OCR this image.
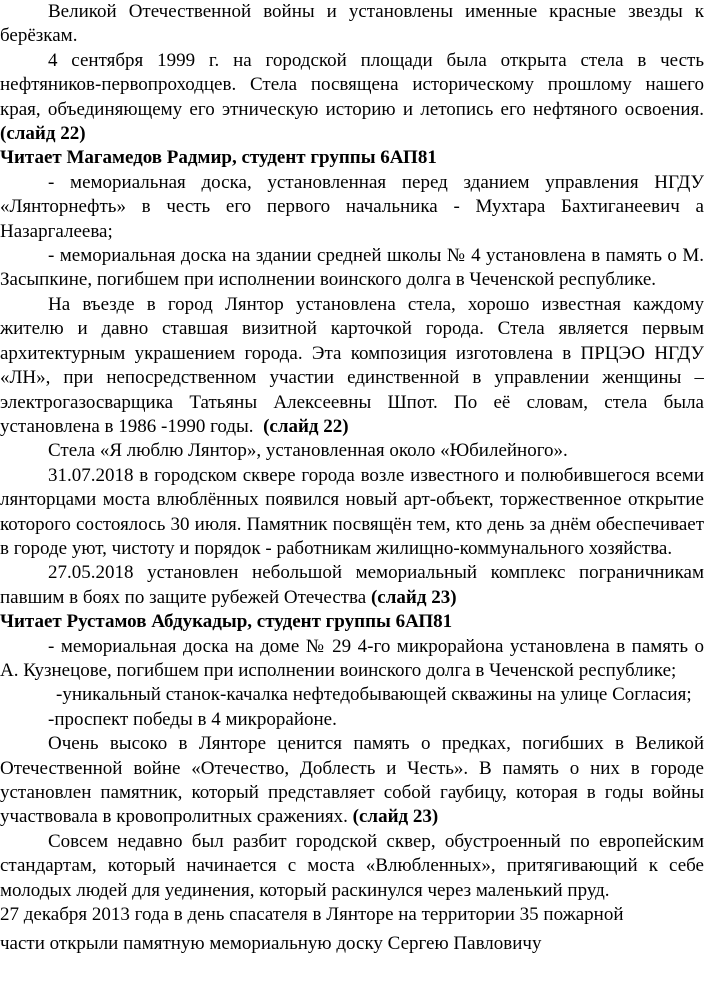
Великой Отечественной войны и установлены именные красные звезды к берёзкам.

4 сентября 1999 г. на городской площади была открыта стела в честь нефтяников-первопроходцев. Стела посвящена историческому прошлому нашего края, объединяющему его этническую историю и летопись его нефтяного освоения. (слайд 22)

Читает Магамедов Радмир, студент группы 6АП81

- мемориальная доска, установленная перед зданием управления НГДУ «Лянторнефть» в честь его первого начальника - Мухтара Бахтиганеевич а Назаргалеева;

- мемориальная доска на здании средней школы № 4 установлена в память о М. Засыпкине, погибшем при исполнении воинского долга в Чеченской республике.

На въезде в город Лянтор установлена стела, хорошо известная каждому жителю и давно ставшая визитной карточкой города. Стела является первым архитектурным украшением города. Эта композиция изготовлена в ПРЦЭО НГДУ «ЛН», при непосредственном участии единственной в управлении женщины – электрогазосварщика Татьяны Алексеевны Шпот. По её словам, стела была установлена в 1986 -1990 годы. (слайд 22)

Стела «Я люблю Лянтор», установленная около «Юбилейного».

31.07.2018 в городском сквере города возле известного и полюбившегося всеми лянторцами моста влюблённых появился новый арт-объект, торжественное открытие которого состоялось 30 июля. Памятник посвящён тем, кто день за днём обеспечивает в городе уют, чистоту и порядок - работникам жилищно-коммунального хозяйства.

27.05.2018 установлен небольшой мемориальный комплекс пограничникам павшим в боях по защите рубежей Отечества (слайд 23)

Читает Рустамов Абдукадыр, студент группы 6АП81

- мемориальная доска на доме № 29 4-го микрорайона установлена в память о А. Кузнецове, погибшем при исполнении воинского долга в Чеченской республике;

-уникальный станок-качалка нефтедобывающей скважины на улице Согласия;

-проспект победы в 4 микрорайоне.

Очень высоко в Лянторе ценится память о предках, погибших в Великой Отечественной войне «Отечество, Доблесть и Честь». В память о них в городе установлен памятник, который представляет собой гаубицу, которая в годы войны участвовала в кровопролитных сражениях. (слайд 23)

Совсем недавно был разбит городской сквер, обустроенный по европейским стандартам, который начинается с моста «Влюбленных», притягивающий к себе молодых людей для уединения, который раскинулся через маленький пруд.

27 декабря 2013 года в день спасателя в Лянторе на территории 35 пожарной

части открыли памятную мемориальную доску Сергею Павловичу
